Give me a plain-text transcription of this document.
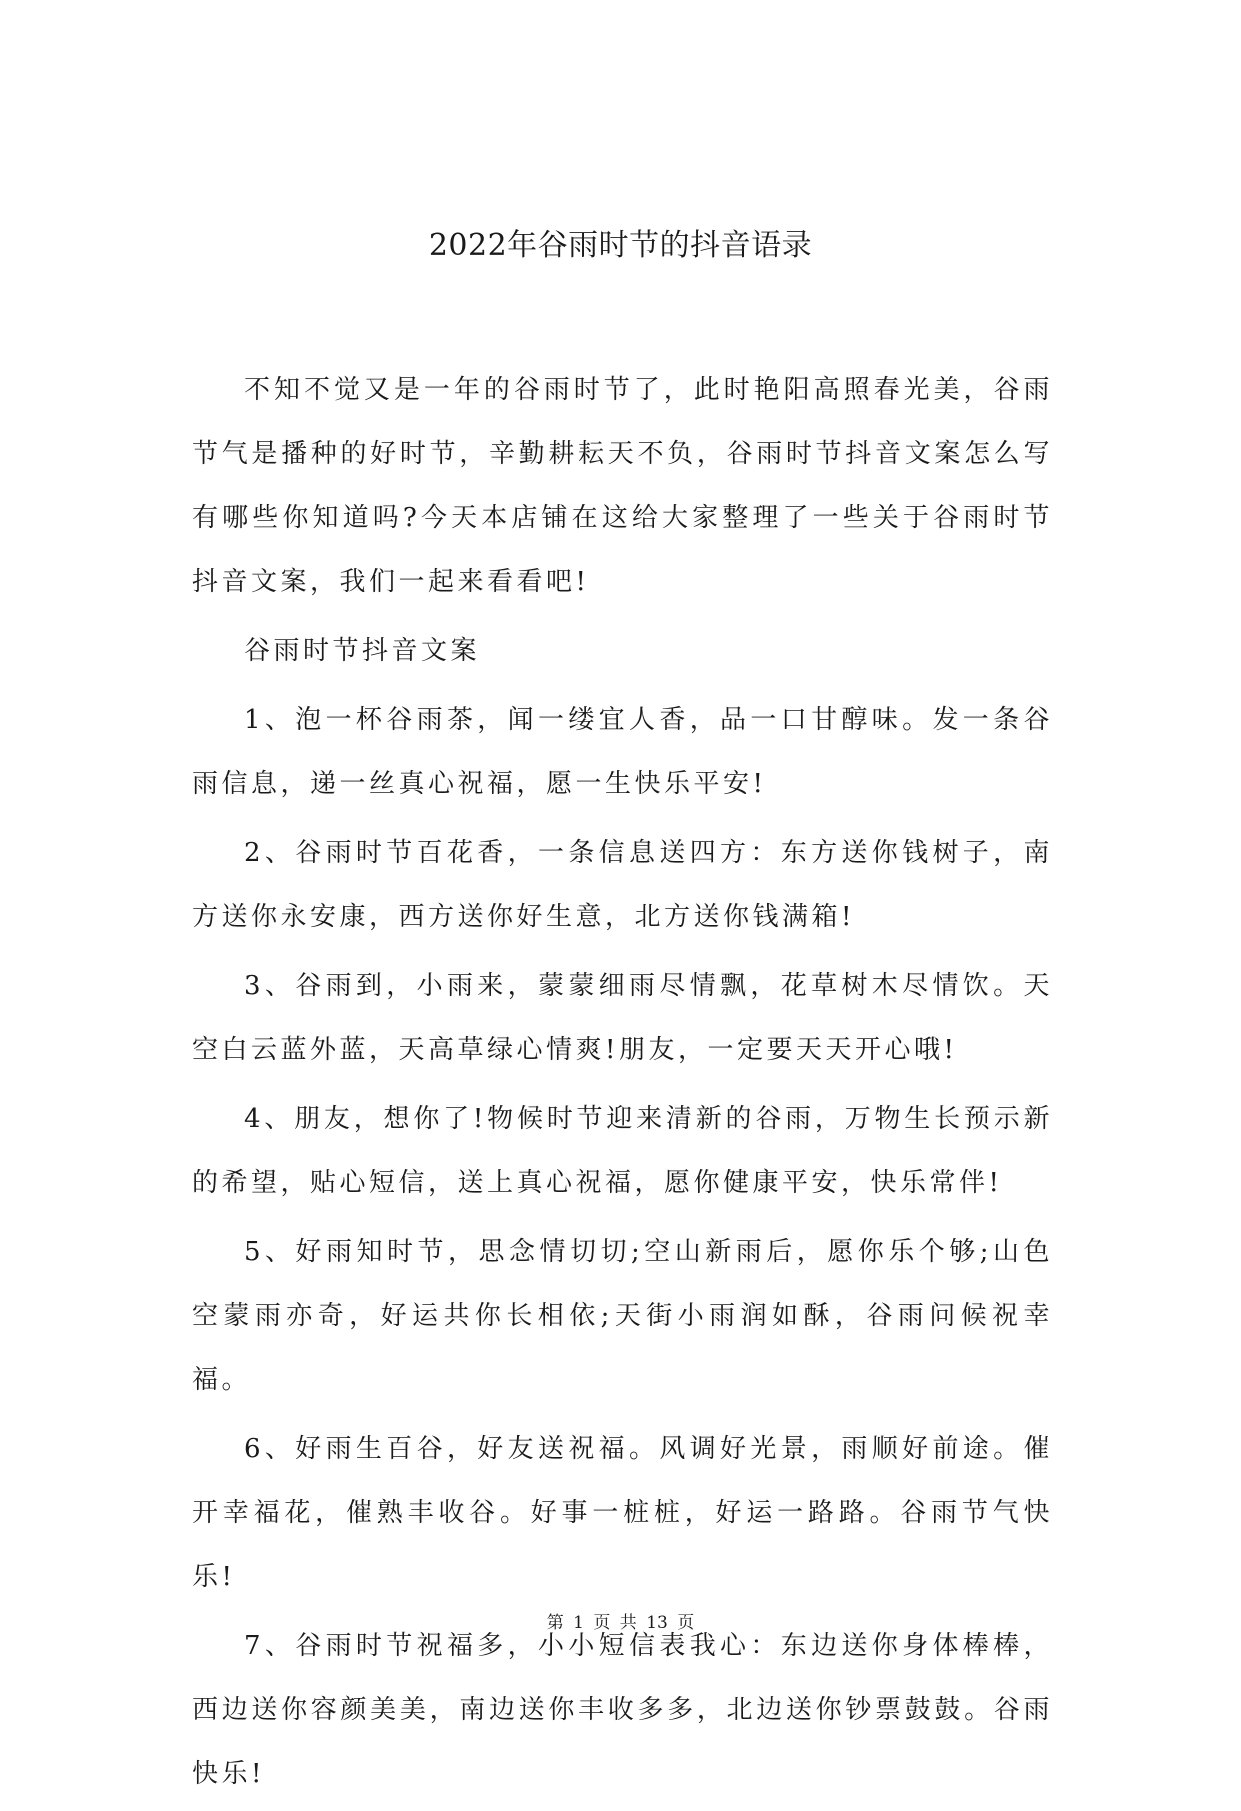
2022年谷雨时节的抖音语录

不知不觉又是一年的谷雨时节了，此时艳阳高照春光美，谷雨节气是播种的好时节，辛勤耕耘天不负，谷雨时节抖音文案怎么写有哪些你知道吗?今天本店铺在这给大家整理了一些关于谷雨时节抖音文案，我们一起来看看吧!

谷雨时节抖音文案

1、泡一杯谷雨茶，闻一缕宜人香，品一口甘醇味。发一条谷雨信息，递一丝真心祝福，愿一生快乐平安!

2、谷雨时节百花香，一条信息送四方：东方送你钱树子，南方送你永安康，西方送你好生意，北方送你钱满箱!

3、谷雨到，小雨来，蒙蒙细雨尽情飘，花草树木尽情饮。天空白云蓝外蓝，天高草绿心情爽!朋友，一定要天天开心哦!

4、朋友，想你了!物候时节迎来清新的谷雨，万物生长预示新的希望，贴心短信，送上真心祝福，愿你健康平安，快乐常伴!

5、好雨知时节，思念情切切;空山新雨后，愿你乐个够;山色空蒙雨亦奇，好运共你长相依;天街小雨润如酥，谷雨问候祝幸福。

6、好雨生百谷，好友送祝福。风调好光景，雨顺好前途。催开幸福花，催熟丰收谷。好事一桩桩，好运一路路。谷雨节气快乐!

7、谷雨时节祝福多，小小短信表我心：东边送你身体棒棒，西边送你容颜美美，南边送你丰收多多，北边送你钞票鼓鼓。谷雨快乐!

第 1 页 共 13 页
